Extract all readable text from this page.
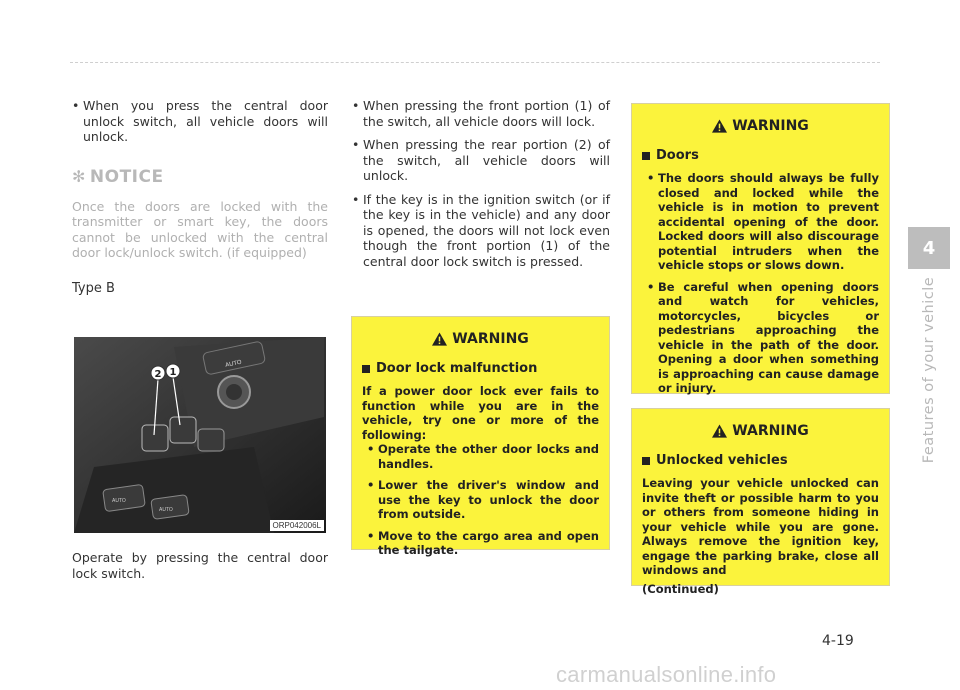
• When you press the central door unlock switch, all vehicle doors will unlock.

✻ NOTICE
Once the doors are locked with the transmitter or smart key, the doors cannot be unlocked with the central door lock/unlock switch. (if equipped)
Type B
AUTO
AUTO
AUTO
2 1
ORP042006L
Operate by pressing the central door lock switch.

• When pressing the front portion (1) of the switch, all vehicle doors will lock.

• When pressing the rear portion (2) of the switch, all vehicle doors will unlock.

• If the key is in the ignition switch (or if the key is in the vehicle) and any door is opened, the doors will not lock even though the front portion (1) of the central door lock switch is pressed.

WARNING
Door lock malfunction
If a power door lock ever fails to function while you are in the vehicle, try one or more of the following:

• Operate the other door locks and handles.

• Lower the driver's window and use the key to unlock the door from outside.

• Move to the cargo area and open the tailgate.

WARNING
Doors

• The doors should always be fully closed and locked while the vehicle is in motion to prevent accidental opening of the door. Locked doors will also discourage potential intruders when the vehicle stops or slows down.

• Be careful when opening doors and watch for vehicles, motorcycles, bicycles or pedestrians approaching the vehicle in the path of the door. Opening a door when something is approaching can cause damage or injury.

WARNING
Unlocked vehicles
Leaving your vehicle unlocked can invite theft or possible harm to you or others from someone hiding in your vehicle while you are gone. Always remove the ignition key, engage the parking brake, close all windows and
(Continued)
4
Features of your vehicle
4-19
carmanualsonline.info
